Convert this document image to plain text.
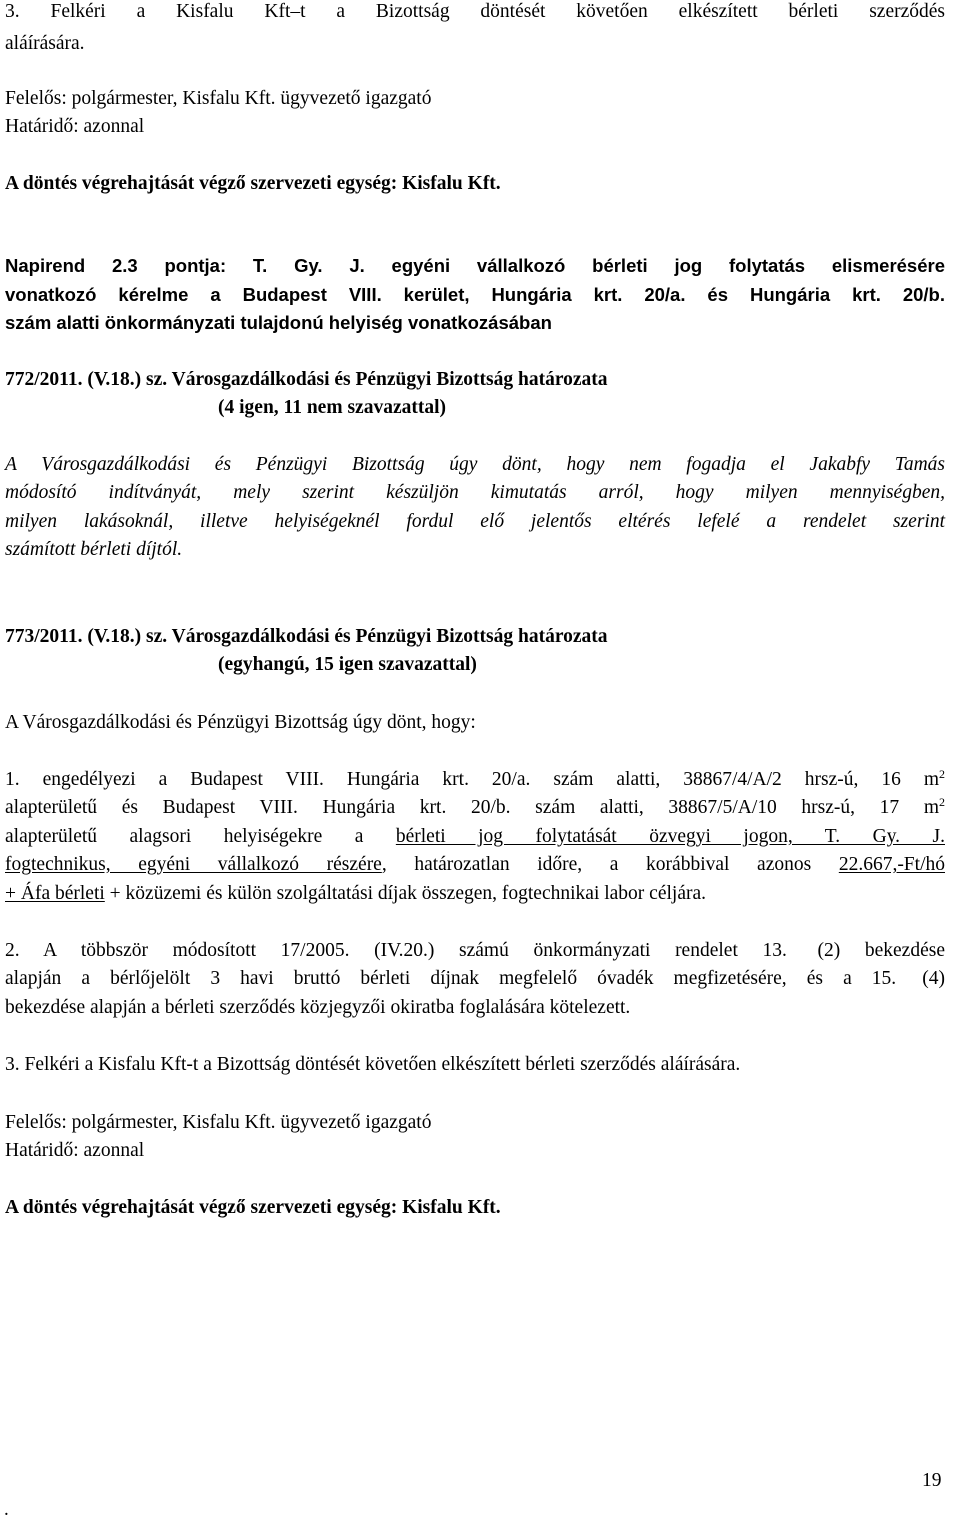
3. Felkéri a Kisfalu Kft–t a Bizottság döntését követően elkészített bérleti szerződés
aláírására.
Felelős: polgármester, Kisfalu Kft. ügyvezető igazgató
Határidő: azonnal
A döntés végrehajtását végző szervezeti egység: Kisfalu Kft.
Napirend 2.3 pontja: T. Gy. J. egyéni vállalkozó bérleti jog folytatás elismerésére
vonatkozó kérelme a Budapest VIII. kerület, Hungária krt. 20/a. és Hungária krt. 20/b.
szám alatti önkormányzati tulajdonú helyiség vonatkozásában
772/2011. (V.18.) sz. Városgazdálkodási és Pénzügyi Bizottság határozata
(4 igen, 11 nem szavazattal)
A Városgazdálkodási és Pénzügyi Bizottság úgy dönt, hogy nem fogadja el Jakabfy Tamás
módosító indítványát, mely szerint készüljön kimutatás arról, hogy milyen mennyiségben,
milyen lakásoknál, illetve helyiségeknél fordul elő jelentős eltérés lefelé a rendelet szerint
számított bérleti díjtól.
773/2011. (V.18.) sz. Városgazdálkodási és Pénzügyi Bizottság határozata
(egyhangú, 15 igen szavazattal)
A Városgazdálkodási és Pénzügyi Bizottság úgy dönt, hogy:
1. engedélyezi a Budapest VIII. Hungária krt. 20/a. szám alatti, 38867/4/A/2 hrsz-ú, 16 $m^2$
alapterületű és Budapest VIII. Hungária krt. 20/b. szám alatti, 38867/5/A/10 hrsz-ú, 17 $m^2$
alapterületű alagsori helyiségekre a bérleti jog folytatását özvegyi jogon, T. Gy. J.
fogtechnikus, egyéni vállalkozó részére, határozatlan időre, a korábbival azonos 22.667,-Ft/hó
+ Áfa bérleti + közüzemi és külön szolgáltatási díjak összegen, fogtechnikai labor céljára.
2. A többször módosított 17/2005. (IV.20.) számú önkormányzati rendelet 13. (2) bekezdése
alapján a bérlőjelölt 3 havi bruttó bérleti díjnak megfelelő óvadék megfizetésére, és a 15. (4)
bekezdése alapján a bérleti szerződés közjegyzői okiratba foglalására kötelezett.
3. Felkéri a Kisfalu Kft-t a Bizottság döntését követően elkészített bérleti szerződés aláírására.
Felelős: polgármester, Kisfalu Kft. ügyvezető igazgató
Határidő: azonnal
A döntés végrehajtását végző szervezeti egység: Kisfalu Kft.
19
.
